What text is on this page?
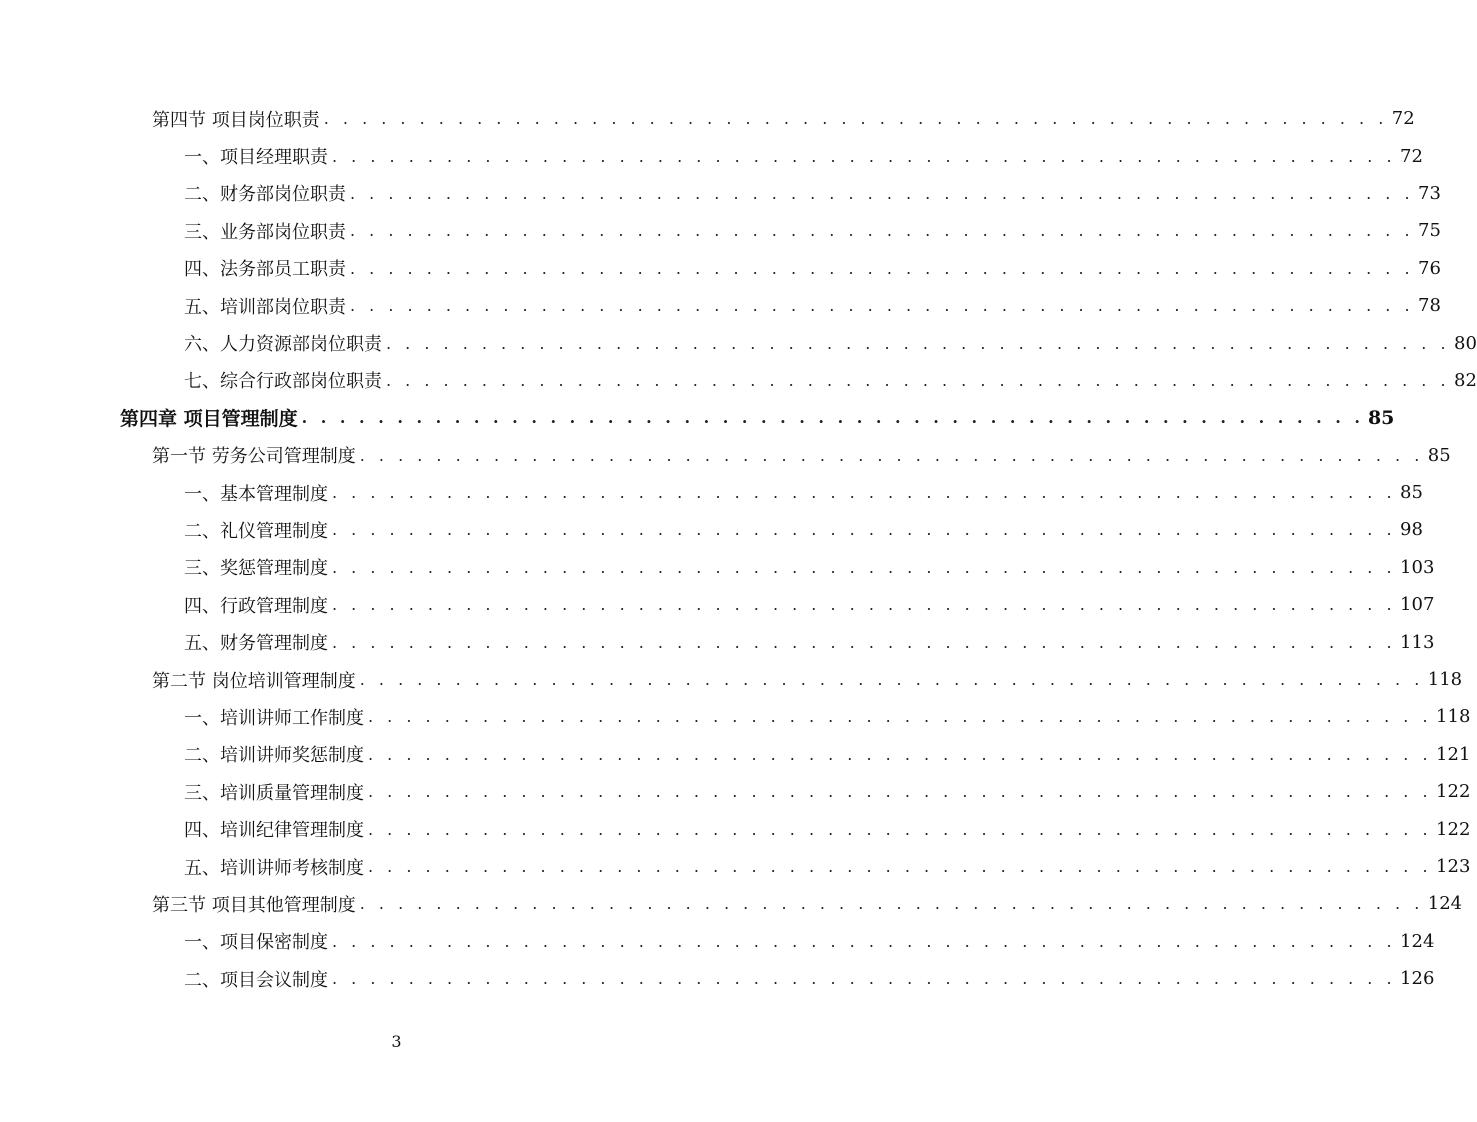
第四节 项目岗位职责 . . . . . . . . . . . . . . . . . . . . . . . . . . . . . . . . . . . . . . . . . . . . . . . . . . . . . . . . 72
一、项目经理职责 . . . . . . . . . . . . . . . . . . . . . . . . . . . . . . . . . . . . . . . . . . . . . . . . . . . . . . . . 72
二、财务部岗位职责 . . . . . . . . . . . . . . . . . . . . . . . . . . . . . . . . . . . . . . . . . . . . . . . . . . . . . . . . 73
三、业务部岗位职责 . . . . . . . . . . . . . . . . . . . . . . . . . . . . . . . . . . . . . . . . . . . . . . . . . . . . . . . . 75
四、法务部员工职责 . . . . . . . . . . . . . . . . . . . . . . . . . . . . . . . . . . . . . . . . . . . . . . . . . . . . . . . . 76
五、培训部岗位职责 . . . . . . . . . . . . . . . . . . . . . . . . . . . . . . . . . . . . . . . . . . . . . . . . . . . . . . . . 78
六、人力资源部岗位职责 . . . . . . . . . . . . . . . . . . . . . . . . . . . . . . . . . . . . . . . . . . . . . . . . . . . . . . . . 80
七、综合行政部岗位职责 . . . . . . . . . . . . . . . . . . . . . . . . . . . . . . . . . . . . . . . . . . . . . . . . . . . . . . . . 82
第四章 项目管理制度 . . . . . . . . . . . . . . . . . . . . . . . . . . . . . . . . . . . . . . . . . . . . . . . . . . . . . . . . 85
第一节 劳务公司管理制度 . . . . . . . . . . . . . . . . . . . . . . . . . . . . . . . . . . . . . . . . . . . . . . . . . . . . . . . . 85
一、基本管理制度 . . . . . . . . . . . . . . . . . . . . . . . . . . . . . . . . . . . . . . . . . . . . . . . . . . . . . . . . 85
二、礼仪管理制度 . . . . . . . . . . . . . . . . . . . . . . . . . . . . . . . . . . . . . . . . . . . . . . . . . . . . . . . . 98
三、奖惩管理制度 . . . . . . . . . . . . . . . . . . . . . . . . . . . . . . . . . . . . . . . . . . . . . . . . . . . . . . . . 103
四、行政管理制度 . . . . . . . . . . . . . . . . . . . . . . . . . . . . . . . . . . . . . . . . . . . . . . . . . . . . . . . . 107
五、财务管理制度 . . . . . . . . . . . . . . . . . . . . . . . . . . . . . . . . . . . . . . . . . . . . . . . . . . . . . . . . 113
第二节 岗位培训管理制度 . . . . . . . . . . . . . . . . . . . . . . . . . . . . . . . . . . . . . . . . . . . . . . . . . . . . . . . . 118
一、培训讲师工作制度 . . . . . . . . . . . . . . . . . . . . . . . . . . . . . . . . . . . . . . . . . . . . . . . . . . . . . . . . 118
二、培训讲师奖惩制度 . . . . . . . . . . . . . . . . . . . . . . . . . . . . . . . . . . . . . . . . . . . . . . . . . . . . . . . . 121
三、培训质量管理制度 . . . . . . . . . . . . . . . . . . . . . . . . . . . . . . . . . . . . . . . . . . . . . . . . . . . . . . . . 122
四、培训纪律管理制度 . . . . . . . . . . . . . . . . . . . . . . . . . . . . . . . . . . . . . . . . . . . . . . . . . . . . . . . . 122
五、培训讲师考核制度 . . . . . . . . . . . . . . . . . . . . . . . . . . . . . . . . . . . . . . . . . . . . . . . . . . . . . . . . 123
第三节 项目其他管理制度 . . . . . . . . . . . . . . . . . . . . . . . . . . . . . . . . . . . . . . . . . . . . . . . . . . . . . . . . 124
一、项目保密制度 . . . . . . . . . . . . . . . . . . . . . . . . . . . . . . . . . . . . . . . . . . . . . . . . . . . . . . . . 124
二、项目会议制度 . . . . . . . . . . . . . . . . . . . . . . . . . . . . . . . . . . . . . . . . . . . . . . . . . . . . . . . . 126
3
